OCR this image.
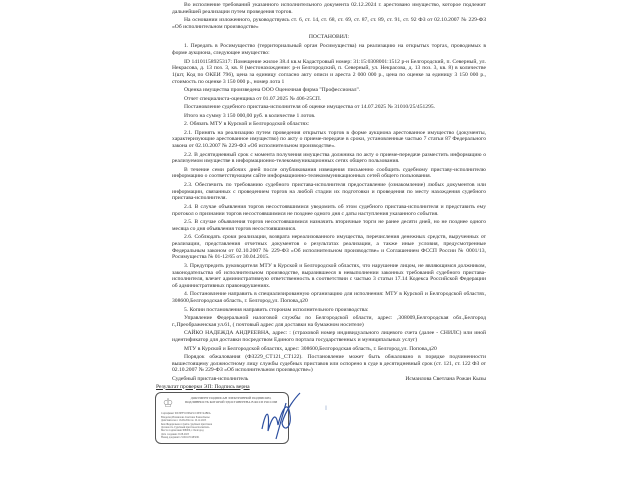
Во исполнение требований указанного исполнительного документа 02.12.2024 г. арестовано имущество, которое подлежит дальнейшей реализации путем проведения торгов.
На основании изложенного, руководствуясь ст. 6, ст. 14, ст. 68, ст. 69, ст. 87, ст. 89, ст. 91, ст. 92 ФЗ от 02.10.2007 № 229-ФЗ «Об исполнительном производстве»
ПОСТАНОВИЛ:
1. Передать в Росимущество (территориальный орган Росимущества) на реализацию на открытых торгах, проводимых в форме аукциона, следующее имущество:
ID 14101158925317: Помещение жилое 38.4 кв.м Кадастровый номер: 31:15:0308001:1512 р-н Белгородский, п. Северный, ул. Некрасова, д. 13 поз. 3, кв. 8 (местонахождение: р-н Белгородский, п. Северный, ул. Некрасова, д. 13 поз. 3, кв. 8) в количестве 1(шт, Код по ОКЕИ 796), цена за единицу согласно акту описи и ареста 2 000 000 р., цена по оценке за единицу 3 150 000 р., стоимость по оценке 3 150 000 р., номер лота 1
Оценка имущества произведена ООО Оценочная фирма "Профессионал".
Отчет специалиста-оценщика от 01.07.2025 № 406-25СП.
Постановление судебного пристава-исполнителя об оценке имущества от 14.07.2025 № 31010/25/451295.
Итого на сумму 3 150 000,00 руб. в количестве 1 лотов.
2. Обязать МТУ в Курской и Белгородской областях:
2.1. Принять на реализацию путем проведения открытых торгов в форме аукциона арестованное имущество (документы, характеризующие арестованное имущество) по акту о приеме-передаче в сроки, установленные частью 7 статьи 87 Федерального закона от 02.10.2007 № 229-ФЗ «Об исполнительном производстве».
2.2. В десятидневный срок с момента получения имущества должника по акту о приеме-передаче разместить информацию о реализуемом имуществе в информационно-телекоммуникационных сетях общего пользования.
В течение семи рабочих дней после опубликования извещения письменно сообщить судебному приставу-исполнителю информацию о соответствующем сайте информационно-телекоммуникационных сетей общего пользования.
2.3. Обеспечить по требованию судебного пристава-исполнителя предоставление (ознакомление) любых документов или информации, связанных с проведением торгов на любой стадии их подготовки и проведения по месту нахождения судебного пристава-исполнителя.
2.4. В случае объявления торгов несостоявшимися уведомить об этом судебного пристава-исполнителя и представить ему протокол о признании торгов несостоявшимися не позднее одного дня с даты наступления указанного события.
2.5. В случае объявления торгов несостоявшимися назначить вторичные торги не ранее десяти дней, но не позднее одного месяца со дня объявления торгов несостоявшимися.
2.6. Соблюдать сроки реализации, возврата нереализованного имущества, перечисления денежных средств, вырученных от реализации, представления отчетных документов о результатах реализации, а также иные условия, предусмотренные Федеральным законом от 02.10.2007 № 229-ФЗ «Об исполнительном производстве» и Соглашением ФССП России № 0001/13, Росимущества № 01-12/65 от 30.04.2015.
3. Предупредить руководителя МТУ в Курской и Белгородской областях, что нарушение лицом, не являющимся должником, законодательства об исполнительном производстве, выразившееся в невыполнении законных требований судебного пристава-исполнителя, влечет административную ответственность в соответствии с частью 3 статьи 17.14 Кодекса Российской Федерации об административных правонарушениях.
4. Постановление направить в специализированную организацию для исполнения: МТУ в Курской и Белгородской областях, 308600,Белгородская область, г. Белгород,ул. Попова,д20
5. Копии постановления направить сторонам исполнительного производства:
Управление Федеральной налоговой службы по Белгородской области, адрес: ,308009,Белгородская обл.,Белгород г.,Преображенская ул.61, ( почтовый адрес для доставки на бумажном носителе)
САЙКО НАДЕЖДА АНДРЕЕВНА, адрес: : (страховой номер индивидуального лицевого счета (далее - СНИЛС) или иной идентификатор для доставки посредством Единого портала государственных и муниципальных услуг)
МТУ в Курской и Белгородской областях, адрес: 308600,Белгородская область, г. Белгород,ул. Попова,д20
Порядок обжалования (ФЗ229_СТ121_СТ122). Постановление может быть обжаловано в порядке подчиненности вышестоящему должностному лицу службы судебных приставов или оспорено в суде в десятидневный срок (ст. 121, ст. 122 ФЗ от 02.10.2007 № 229-ФЗ «Об исполнительном производстве»)
Судебный пристав-исполнитель	Исмаилова Светлана Рожан Кызы
Результат проверки ЭП: Подпись верна
♔	ДОКУМЕНТ ПОДПИСАН ЭЛЕКТРОННОЙ ПОДПИСЬЮ, ПОДЛИННОСТЬ КОТОРОЙ УДОСТОВЕРЕНА В ФССП РОССИИ
Сертификат 00C8EF5C808A5CC9E07A4B0A
Владелец Исмаилова Светлана Рожан Кызы
Действителен с 16.09.2024 по 10.12.2025
Кем Федеральная служба судебных приставов
Должность Судебный пристав-исполнитель
Место подписания 308000, г. Белгород
Дата создания 15.08.2025
Номер документа 31010/25/485001
‖
